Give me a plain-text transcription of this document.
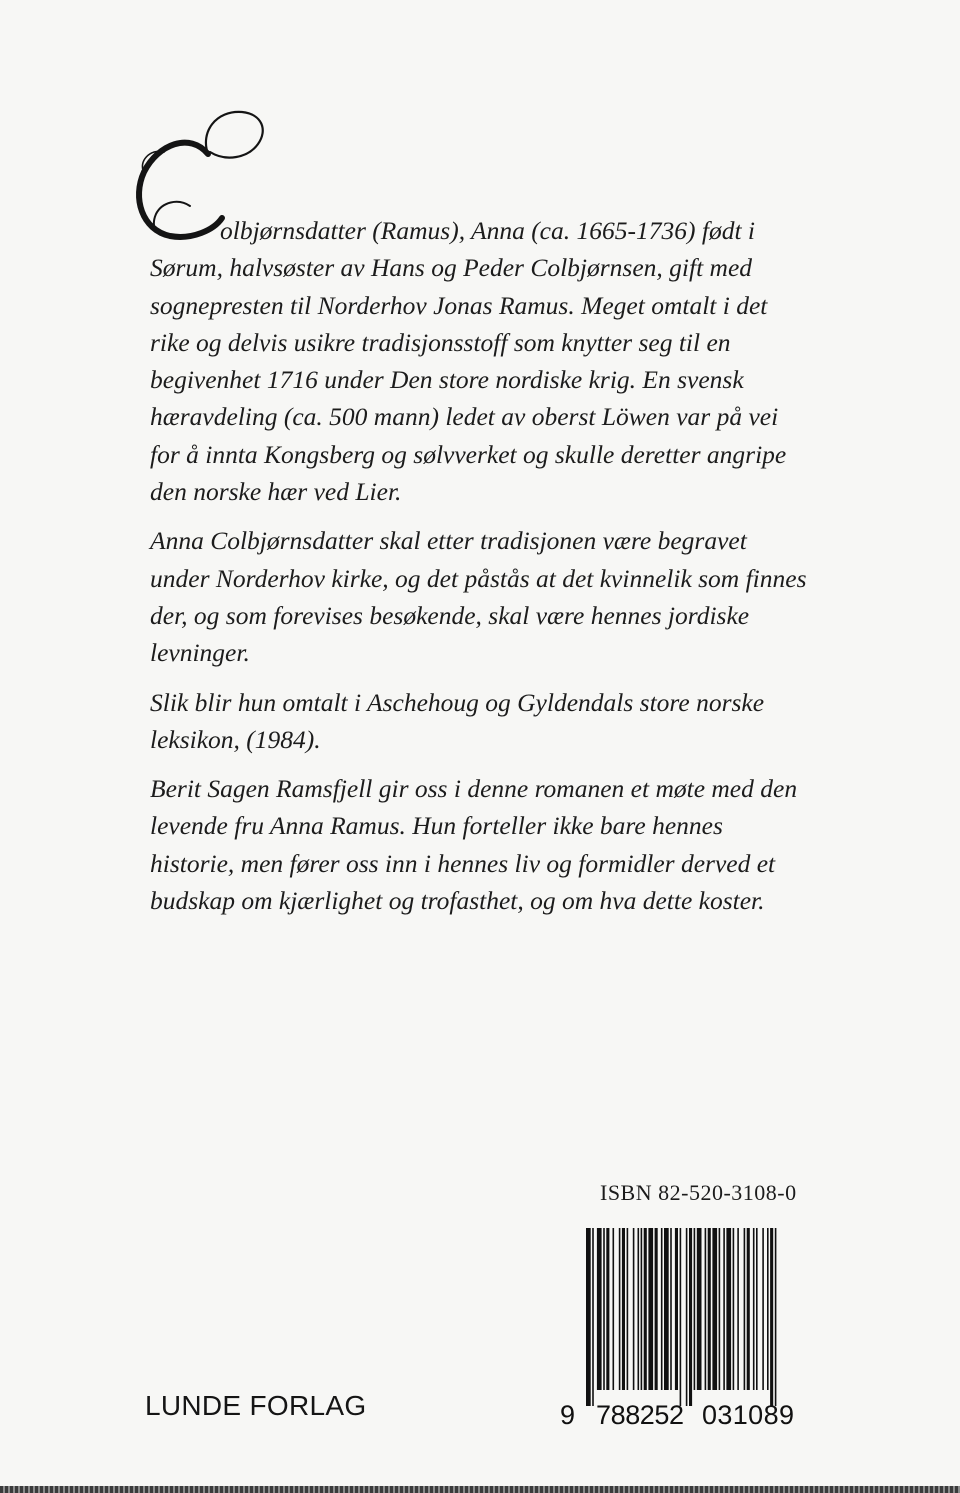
olbjørnsdatter (Ramus), Anna (ca. 1665-1736) født i Sørum, halvsøster av Hans og Peder Colbjørnsen, gift med sognepresten til Norderhov Jonas Ramus. Meget omtalt i det rike og delvis usikre tradisjonsstoff som knytter seg til en begivenhet 1716 under Den store nordiske krig. En svensk hæravdeling (ca. 500 mann) ledet av oberst Löwen var på vei for å innta Kongsberg og sølvverket og skulle deretter angripe den norske hær ved Lier.

Anna Colbjørnsdatter skal etter tradisjonen være begravet under Norderhov kirke, og det påstås at det kvinnelik som finnes der, og som forevises besøkende, skal være hennes jordiske levninger.

Slik blir hun omtalt i Aschehoug og Gyldendals store norske leksikon, (1984).

Berit Sagen Ramsfjell gir oss i denne romanen et møte med den levende fru Anna Ramus. Hun forteller ikke bare hennes historie, men fører oss inn i hennes liv og formidler derved et budskap om kjærlighet og trofasthet, og om hva dette koster.

ISBN 82-520-3108-0
9 788252 031089
LUNDE FORLAG
